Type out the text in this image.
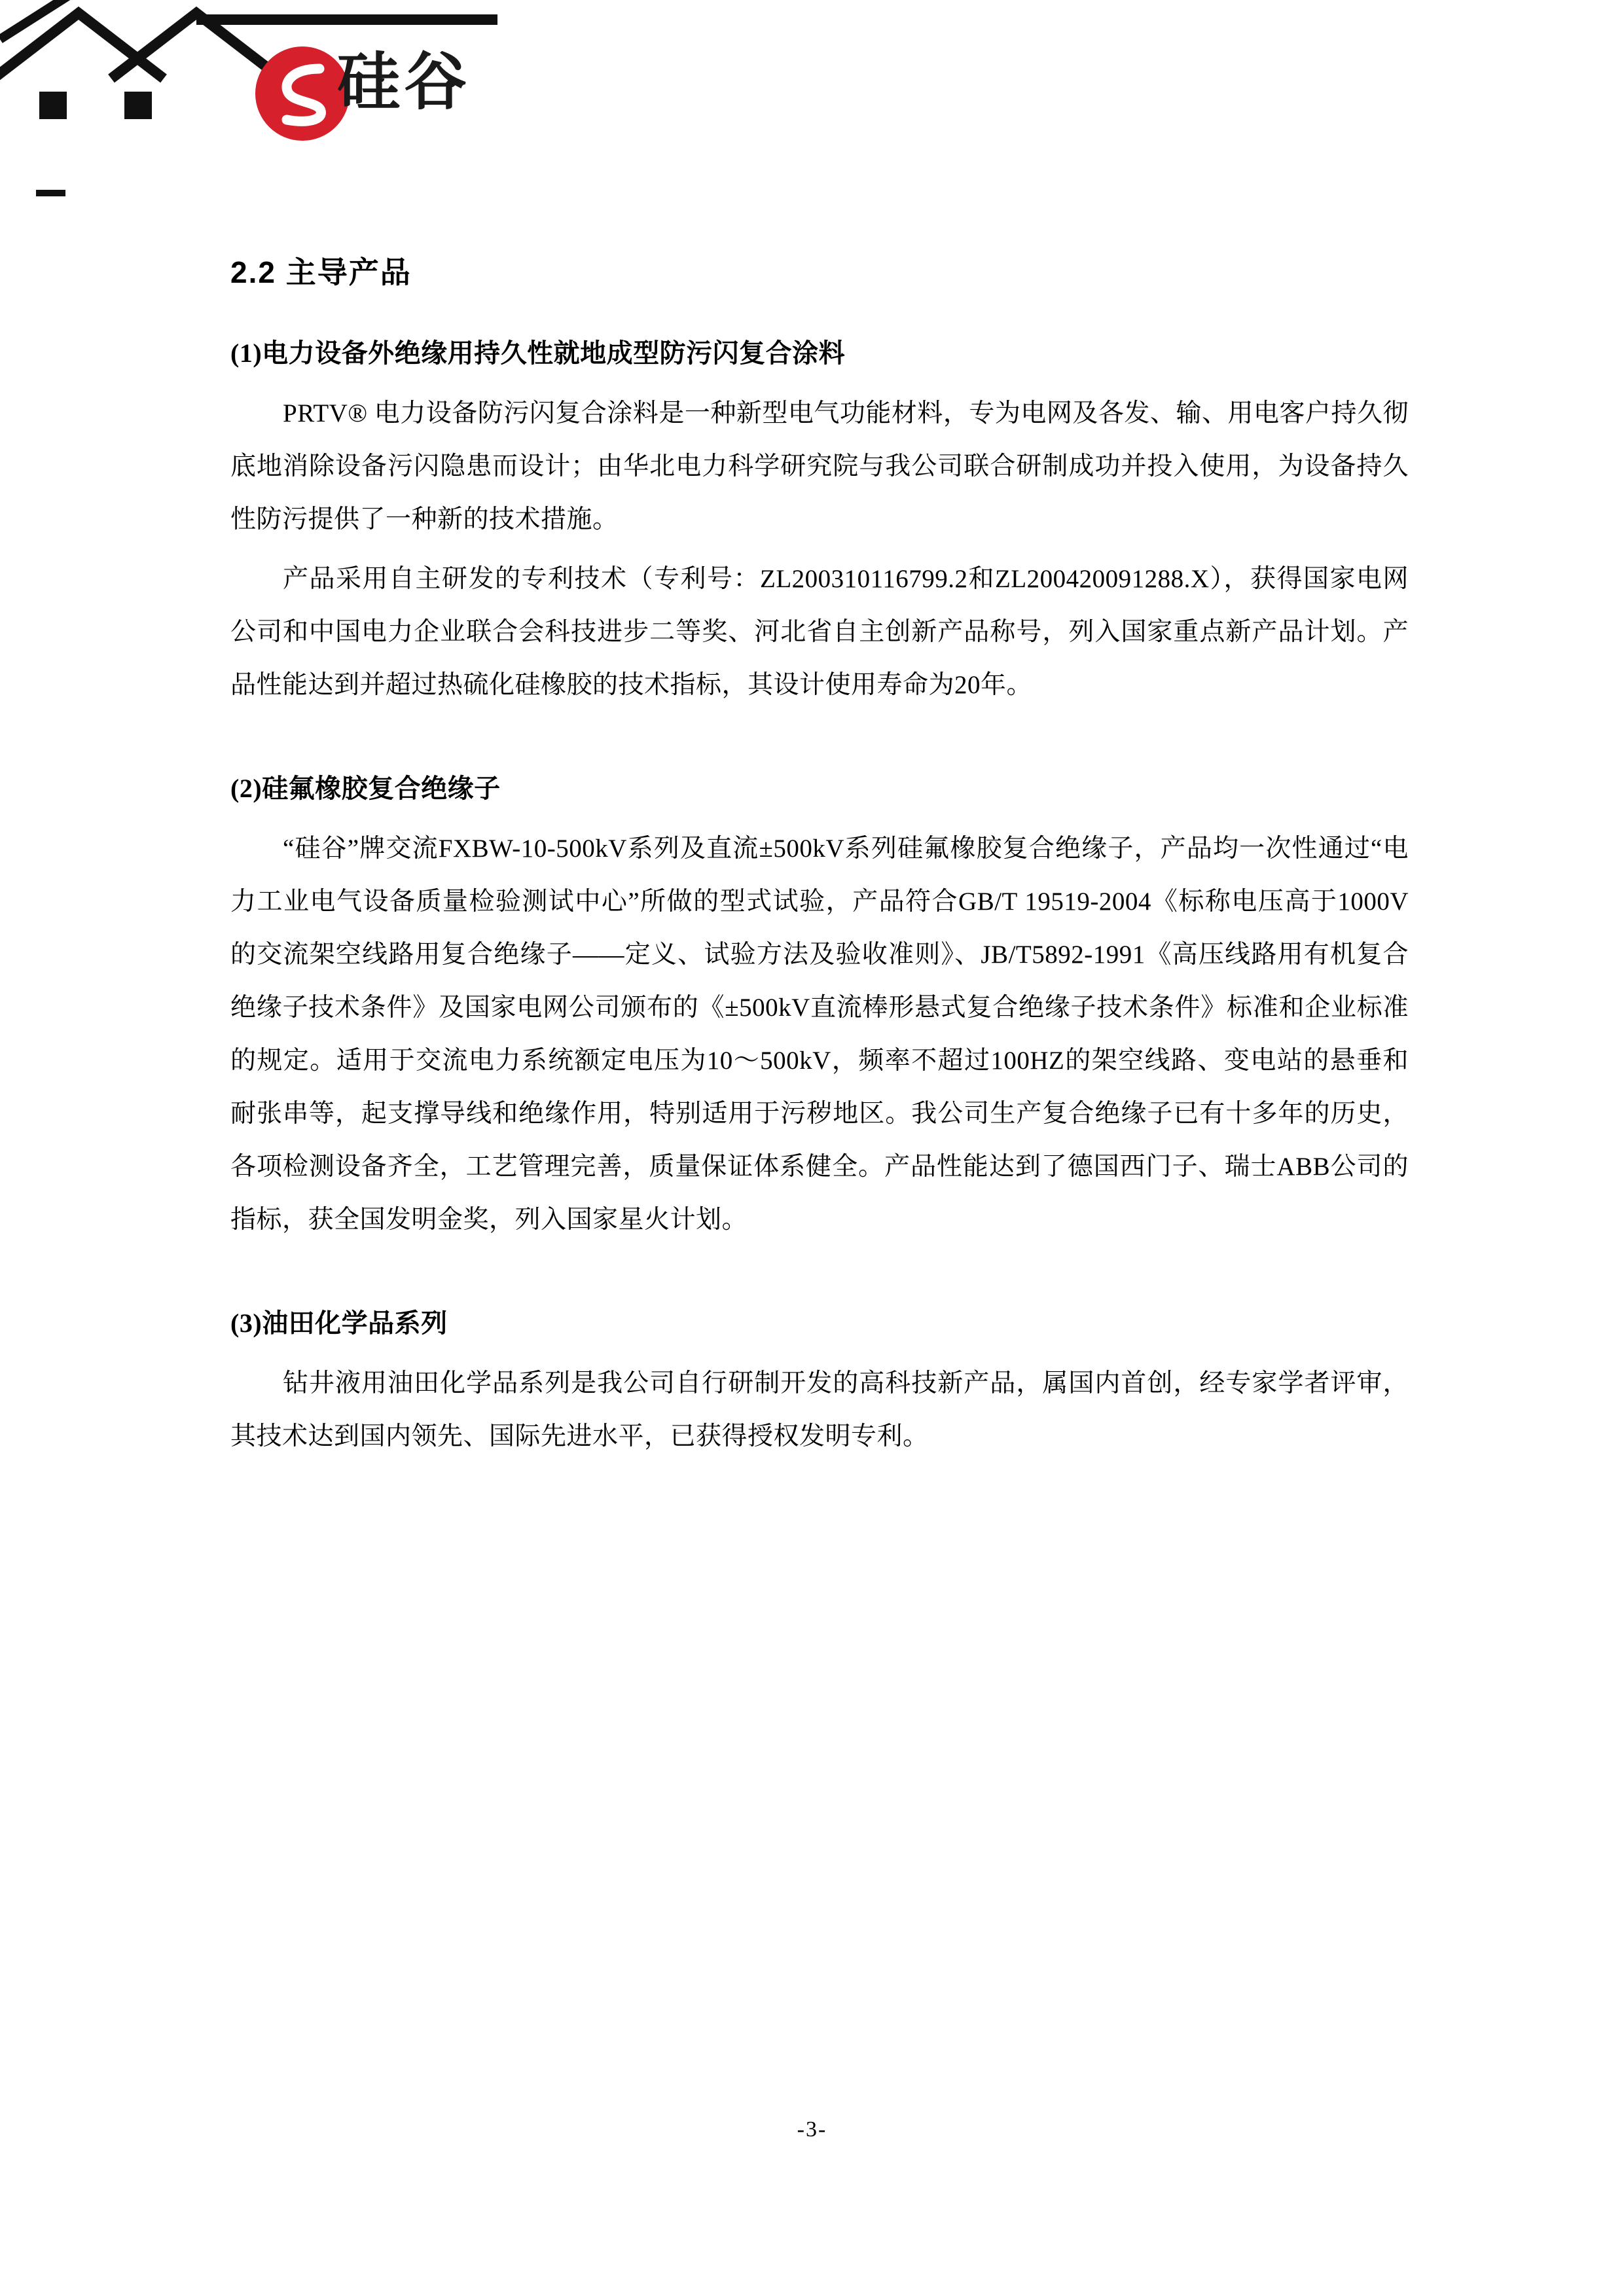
硅谷
2.2 主导产品
(1)电力设备外绝缘用持久性就地成型防污闪复合涂料

PRTV® 电力设备防污闪复合涂料是一种新型电气功能材料，专为电网及各发、输、用电客户持久彻底地消除设备污闪隐患而设计；由华北电力科学研究院与我公司联合研制成功并投入使用，为设备持久性防污提供了一种新的技术措施。

产品采用自主研发的专利技术（专利号：ZL200310116799.2和ZL200420091288.X），获得国家电网公司和中国电力企业联合会科技进步二等奖、河北省自主创新产品称号，列入国家重点新产品计划。产品性能达到并超过热硫化硅橡胶的技术指标，其设计使用寿命为20年。

(2)硅氟橡胶复合绝缘子

“硅谷”牌交流FXBW-10-500kV系列及直流±500kV系列硅氟橡胶复合绝缘子，产品均一次性通过“电力工业电气设备质量检验测试中心”所做的型式试验，产品符合GB/T 19519-2004《标称电压高于1000V的交流架空线路用复合绝缘子——定义、试验方法及验收准则》、JB/T5892-1991《高压线路用有机复合绝缘子技术条件》及国家电网公司颁布的《±500kV直流棒形悬式复合绝缘子技术条件》标准和企业标准的规定。适用于交流电力系统额定电压为10～500kV，频率不超过100HZ的架空线路、变电站的悬垂和耐张串等，起支撑导线和绝缘作用，特别适用于污秽地区。我公司生产复合绝缘子已有十多年的历史，各项检测设备齐全，工艺管理完善，质量保证体系健全。产品性能达到了德国西门子、瑞士ABB公司的指标，获全国发明金奖，列入国家星火计划。

(3)油田化学品系列

钻井液用油田化学品系列是我公司自行研制开发的高科技新产品，属国内首创，经专家学者评审，其技术达到国内领先、国际先进水平，已获得授权发明专利。

-3-
